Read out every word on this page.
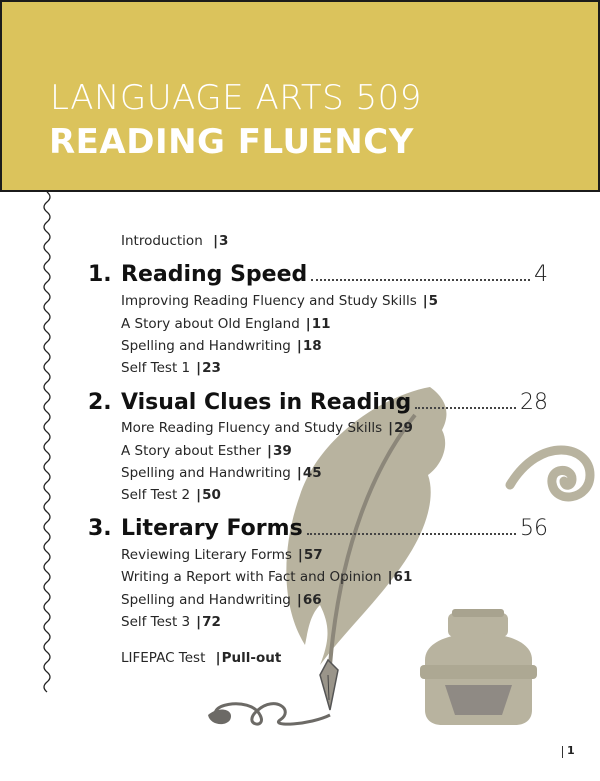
LANGUAGE ARTS 509
READING FLUENCY
Introduction | 3
1. Reading Speed	4
Improving Reading Fluency and Study Skills | 5
A Story about Old England | 11
Spelling and Handwriting | 18
Self Test 1 | 23
2. Visual Clues in Reading	28
More Reading Fluency and Study Skills | 29
A Story about Esther | 39
Spelling and Handwriting | 45
Self Test 2 | 50
3. Literary Forms	56
Reviewing Literary Forms | 57
Writing a Report with Fact and Opinion | 61
Spelling and Handwriting | 66
Self Test 3 | 72
LIFEPAC Test | Pull-out
1
